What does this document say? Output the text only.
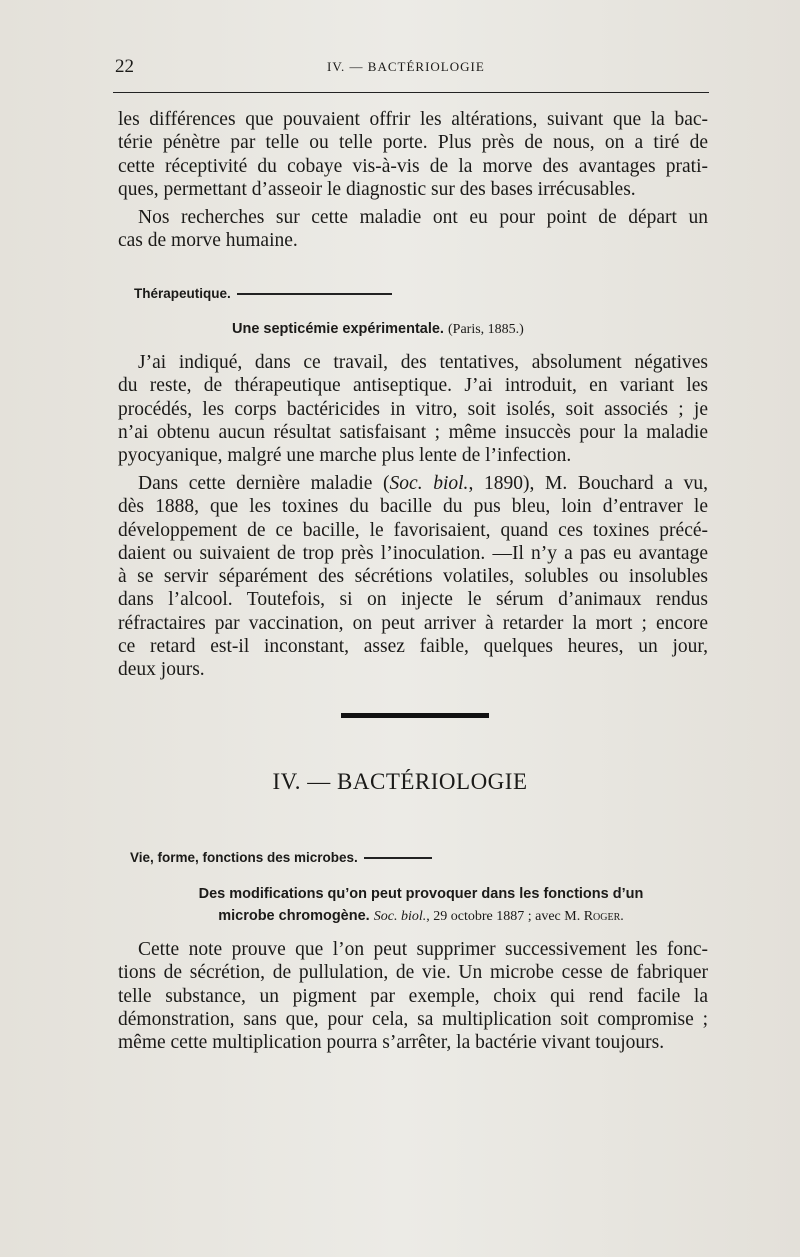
22	IV. — BACTÉRIOLOGIE
les différences que pouvaient offrir les altérations, suivant que la bac-
térie pénètre par telle ou telle porte. Plus près de nous, on a tiré de
cette réceptivité du cobaye vis-à-vis de la morve des avantages prati-
ques, permettant d’asseoir le diagnostic sur des bases irrécusables.
Nos recherches sur cette maladie ont eu pour point de départ un
cas de morve humaine.
Thérapeutique.
Une septicémie expérimentale. (Paris, 1885.)
J’ai indiqué, dans ce travail, des tentatives, absolument négatives
du reste, de thérapeutique antiseptique. J’ai introduit, en variant les
procédés, les corps bactéricides in vitro, soit isolés, soit associés ; je
n’ai obtenu aucun résultat satisfaisant ; même insuccès pour la maladie
pyocyanique, malgré une marche plus lente de l’infection.
Dans cette dernière maladie (Soc. biol., 1890), M. Bouchard a vu,
dès 1888, que les toxines du bacille du pus bleu, loin d’entraver le
développement de ce bacille, le favorisaient, quand ces toxines précé-
daient ou suivaient de trop près l’inoculation. —Il n’y a pas eu avantage
à se servir séparément des sécrétions volatiles, solubles ou insolubles
dans l’alcool. Toutefois, si on injecte le sérum d’animaux rendus
réfractaires par vaccination, on peut arriver à retarder la mort ; encore
ce retard est-il inconstant, assez faible, quelques heures, un jour,
deux jours.
IV. — BACTÉRIOLOGIE
Vie, forme, fonctions des microbes.
Des modifications qu’on peut provoquer dans les fonctions d’un
microbe chromogène. Soc. biol., 29 octobre 1887 ; avec M. Roger.
Cette note prouve que l’on peut supprimer successivement les fonc-
tions de sécrétion, de pullulation, de vie. Un microbe cesse de fabriquer
telle substance, un pigment par exemple, choix qui rend facile la
démonstration, sans que, pour cela, sa multiplication soit compromise ;
même cette multiplication pourra s’arrêter, la bactérie vivant toujours.
